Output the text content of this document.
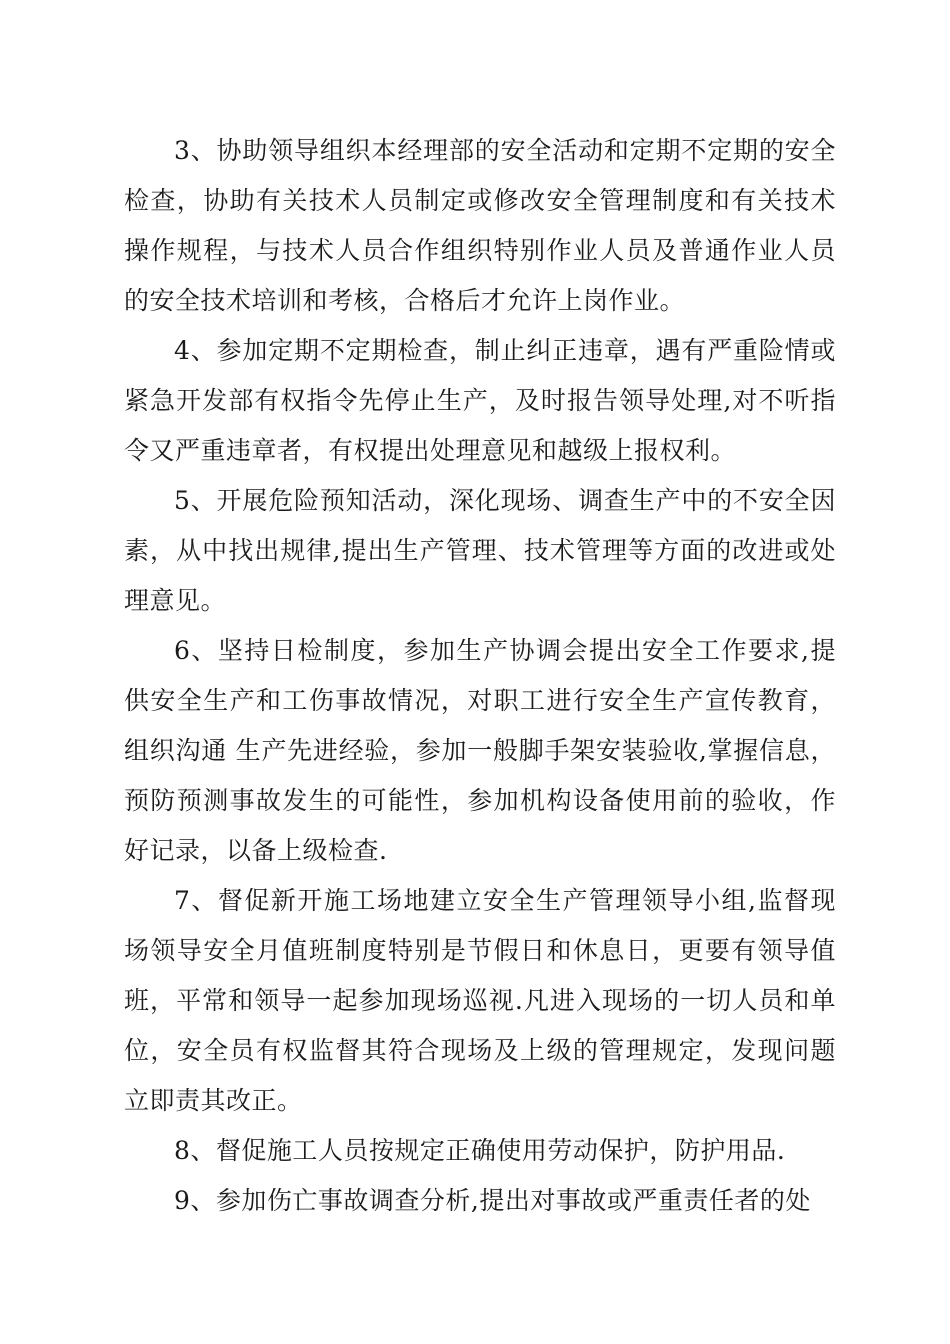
3、协助领导组织本经理部的安全活动和定期不定期的安全检查，协助有关技术人员制定或修改安全管理制度和有关技术操作规程，与技术人员合作组织特别作业人员及普通作业人员的安全技术培训和考核，合格后才允许上岗作业。

4、参加定期不定期检查，制止纠正违章，遇有严重险情或紧急开发部有权指令先停止生产，及时报告领导处理,对不听指令又严重违章者，有权提出处理意见和越级上报权利。

5、开展危险预知活动，深化现场、调查生产中的不安全因素，从中找出规律,提出生产管理、技术管理等方面的改进或处理意见。

6、坚持日检制度，参加生产协调会提出安全工作要求,提供安全生产和工伤事故情况，对职工进行安全生产宣传教育，组织沟通 生产先进经验，参加一般脚手架安装验收,掌握信息，预防预测事故发生的可能性，参加机构设备使用前的验收，作好记录，以备上级检查.

7、督促新开施工场地建立安全生产管理领导小组,监督现场领导安全月值班制度特别是节假日和休息日，更要有领导值班，平常和领导一起参加现场巡视.凡进入现场的一切人员和单位，安全员有权监督其符合现场及上级的管理规定，发现问题立即责其改正。

8、督促施工人员按规定正确使用劳动保护，防护用品.

9、参加伤亡事故调查分析,提出对事故或严重责任者的处
